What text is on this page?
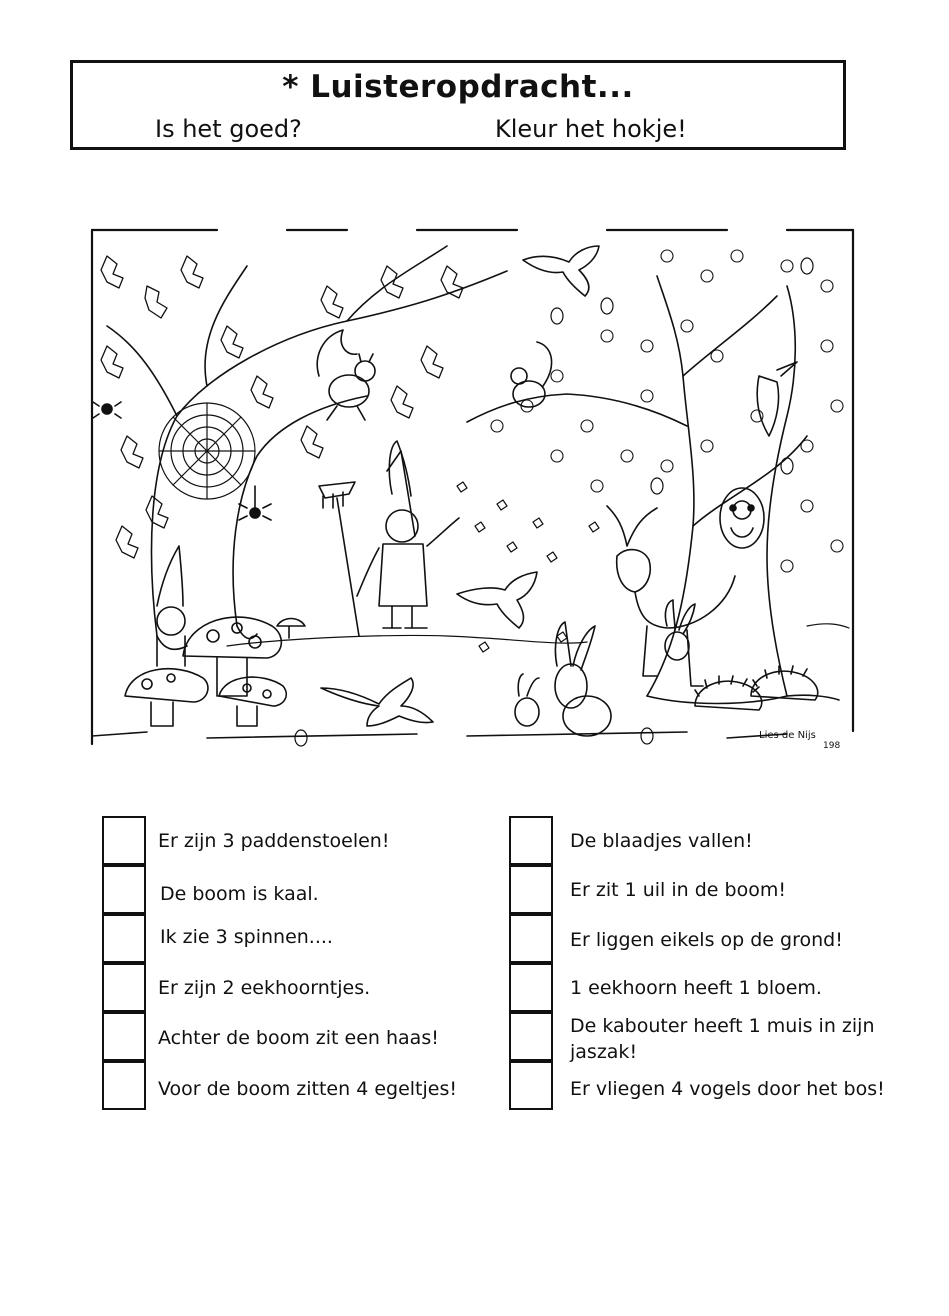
* Luisteropdracht...
Is het goed?	Kleur het hokje!
Lies de Nijs
198
Er zijn 3 paddenstoelen!
De boom is kaal.
Ik zie 3 spinnen....
Er zijn 2 eekhoorntjes.
Achter de boom zit een haas!
Voor de boom zitten 4 egeltjes!
De blaadjes vallen!
Er zit 1 uil in de boom!
Er liggen eikels op de grond!
1 eekhoorn heeft 1 bloem.
De kabouter heeft 1 muis in zijn jaszak!
Er vliegen 4 vogels door het bos!
